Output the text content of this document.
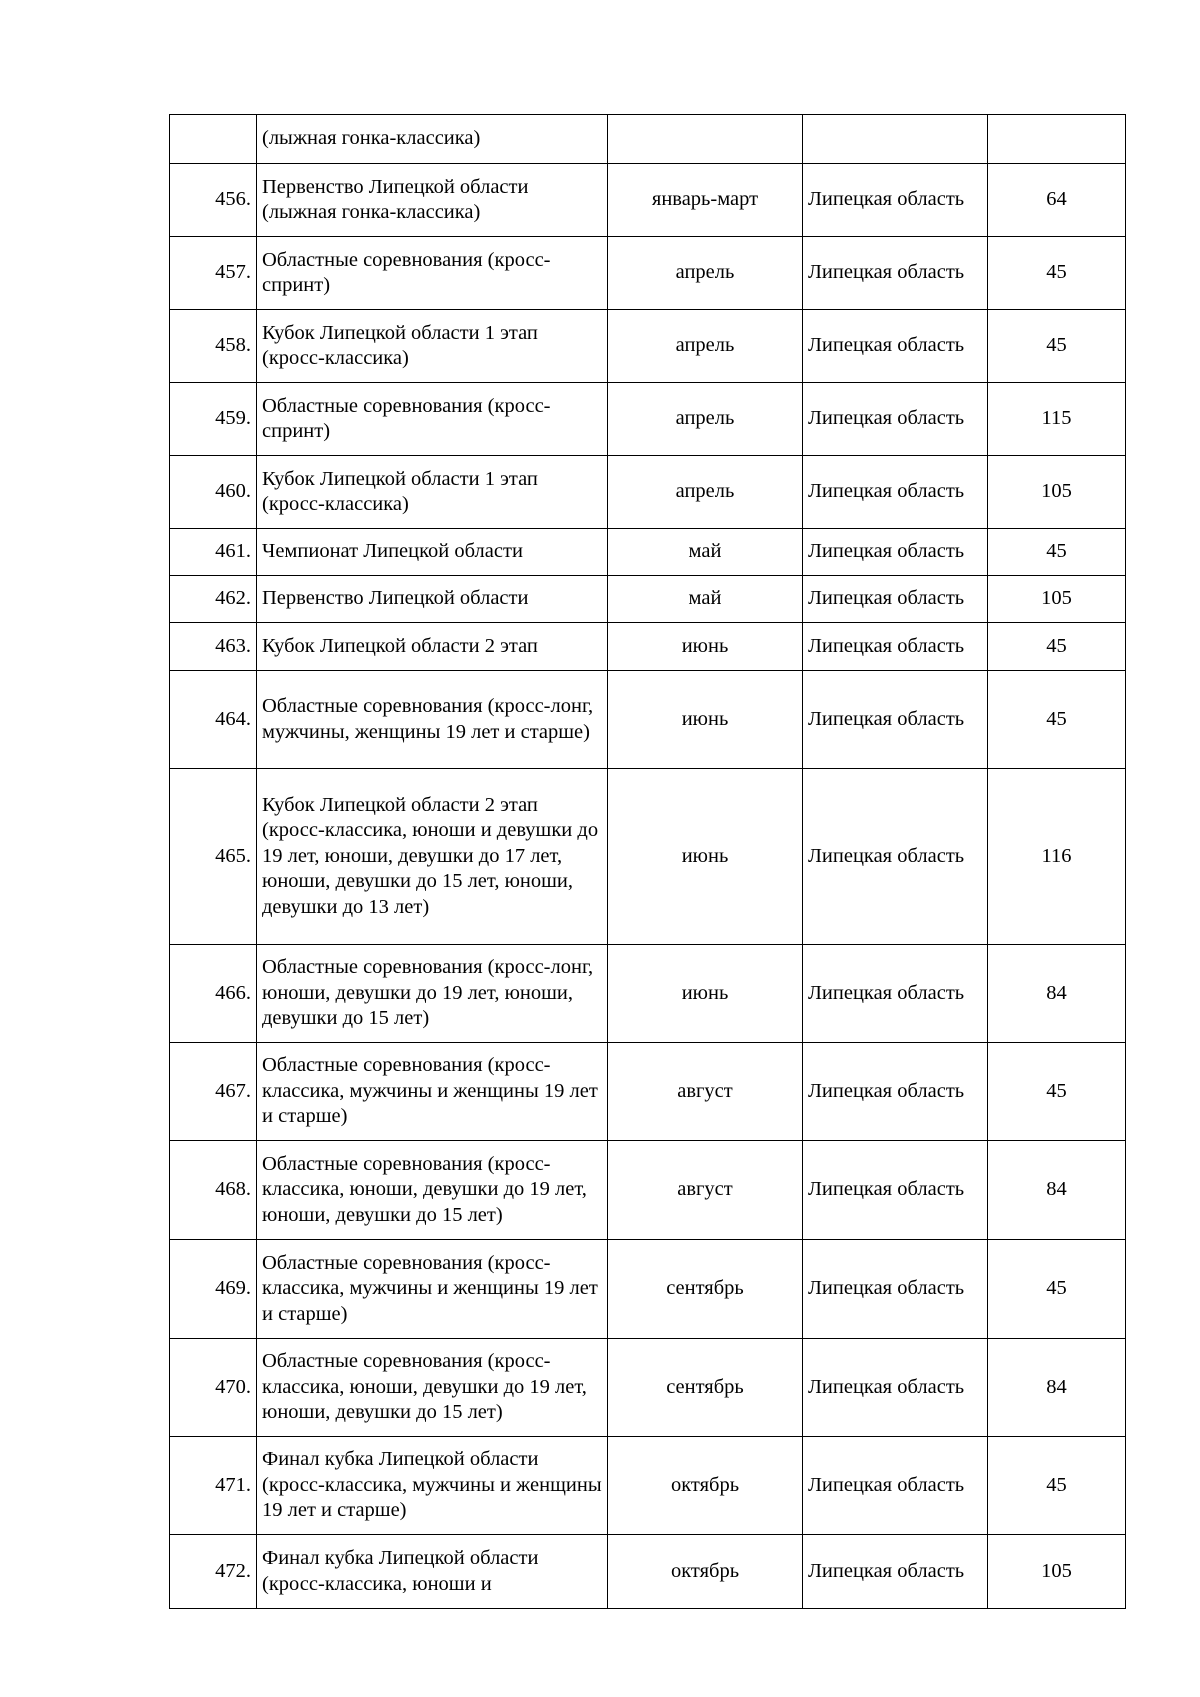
	(лыжная гонка-классика)			
456.	Первенство Липецкой области (лыжная гонка-классика)	январь-март	Липецкая область	64
457.	Областные соревнования (кросс-спринт)	апрель	Липецкая область	45
458.	Кубок Липецкой области 1 этап (кросс-классика)	апрель	Липецкая область	45
459.	Областные соревнования (кросс-спринт)	апрель	Липецкая область	115
460.	Кубок Липецкой области 1 этап (кросс-классика)	апрель	Липецкая область	105
461.	Чемпионат Липецкой области	май	Липецкая область	45
462.	Первенство Липецкой области	май	Липецкая область	105
463.	Кубок Липецкой области 2 этап	июнь	Липецкая область	45
464.	Областные соревнования (кросс-лонг, мужчины, женщины 19 лет и старше)	июнь	Липецкая область	45
465.	Кубок Липецкой области 2 этап (кросс-классика, юноши и девушки до 19 лет, юноши, девушки до 17 лет, юноши, девушки до 15 лет, юноши, девушки до 13 лет)	июнь	Липецкая область	116
466.	Областные соревнования (кросс-лонг, юноши, девушки до 19 лет, юноши, девушки до 15 лет)	июнь	Липецкая область	84
467.	Областные соревнования (кросс-классика, мужчины и женщины 19 лет и старше)	август	Липецкая область	45
468.	Областные соревнования (кросс-классика, юноши, девушки до 19 лет, юноши, девушки до 15 лет)	август	Липецкая область	84
469.	Областные соревнования (кросс-классика, мужчины и женщины 19 лет и старше)	сентябрь	Липецкая область	45
470.	Областные соревнования (кросс-классика, юноши, девушки до 19 лет, юноши, девушки до 15 лет)	сентябрь	Липецкая область	84
471.	Финал кубка Липецкой области (кросс-классика, мужчины и женщины 19 лет и старше)	октябрь	Липецкая область	45
472.	Финал кубка Липецкой области (кросс-классика, юноши и	октябрь	Липецкая область	105
